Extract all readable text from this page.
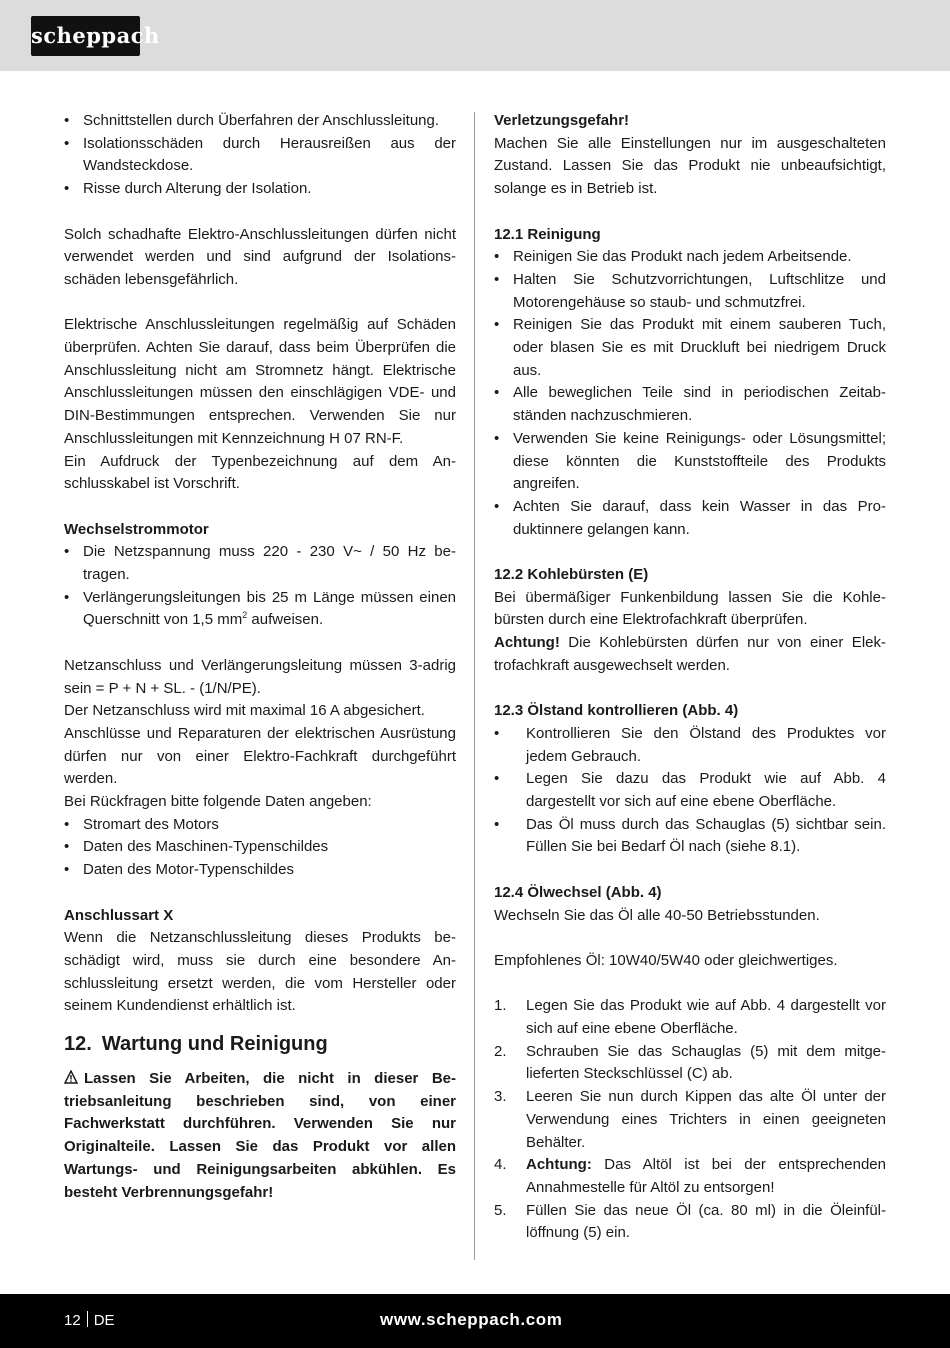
scheppach
• Schnittstellen durch Überfahren der Anschlussleitung.
• Isolationsschäden durch Herausreißen aus der Wandsteckdose.
• Risse durch Alterung der Isolation.

Solch schadhafte Elektro-Anschlussleitungen dürfen nicht verwendet werden und sind aufgrund der Isolationsschäden lebensgefährlich.

Elektrische Anschlussleitungen regelmäßig auf Schäden überprüfen. Achten Sie darauf, dass beim Überprüfen die Anschlussleitung nicht am Stromnetz hängt. Elektrische Anschlussleitungen müssen den einschlägigen VDE- und DIN-Bestimmungen entsprechen. Verwenden Sie nur Anschlussleitungen mit Kennzeichnung H 07 RN-F.

Ein Aufdruck der Typenbezeichnung auf dem Anschlusskabel ist Vorschrift.

Wechselstrommotor

• Die Netzspannung muss 220 - 230 V~ / 50 Hz betragen.
• Verlängerungsleitungen bis 25 m Länge müssen einen Querschnitt von 1,5 $mm^2$ aufweisen.

Netzanschluss und Verlängerungsleitung müssen 3-adrig sein = P + N + SL. - (1/N/PE).

Der Netzanschluss wird mit maximal 16 A abgesichert.

Anschlüsse und Reparaturen der elektrischen Ausrüstung dürfen nur von einer Elektro-Fachkraft durchgeführt werden.

Bei Rückfragen bitte folgende Daten angeben:

• Stromart des Motors
• Daten des Maschinen-Typenschildes
• Daten des Motor-Typenschildes

Anschlussart X

Wenn die Netzanschlussleitung dieses Produkts beschädigt wird, muss sie durch eine besondere Anschlussleitung ersetzt werden, die vom Hersteller oder seinem Kundendienst erhältlich ist.

12. Wartung und Reinigung

Lassen Sie Arbeiten, die nicht in dieser Betriebsanleitung beschrieben sind, von einer Fachwerkstatt durchführen. Verwenden Sie nur Originalteile. Lassen Sie das Produkt vor allen Wartungs- und Reinigungsarbeiten abkühlen. Es besteht Verbrennungsgefahr!

Verletzungsgefahr!

Machen Sie alle Einstellungen nur im ausgeschalteten Zustand. Lassen Sie das Produkt nie unbeaufsichtigt, solange es in Betrieb ist.

12.1 Reinigung

• Reinigen Sie das Produkt nach jedem Arbeitsende.
• Halten Sie Schutzvorrichtungen, Luftschlitze und Motorengehäuse so staub- und schmutzfrei.
• Reinigen Sie das Produkt mit einem sauberen Tuch, oder blasen Sie es mit Druckluft bei niedrigem Druck aus.
• Alle beweglichen Teile sind in periodischen Zeitabständen nachzuschmieren.
• Verwenden Sie keine Reinigungs- oder Lösungsmittel; diese könnten die Kunststoffteile des Produkts angreifen.
• Achten Sie darauf, dass kein Wasser in das Produktinnere gelangen kann.

12.2 Kohlebürsten (E)

Bei übermäßiger Funkenbildung lassen Sie die Kohlebürsten durch eine Elektrofachkraft überprüfen.

Achtung! Die Kohlebürsten dürfen nur von einer Elektrofachkraft ausgewechselt werden.

12.3 Ölstand kontrollieren (Abb. 4)

• Kontrollieren Sie den Ölstand des Produktes vor jedem Gebrauch.
• Legen Sie dazu das Produkt wie auf Abb. 4 dargestellt vor sich auf eine ebene Oberfläche.
• Das Öl muss durch das Schauglas (5) sichtbar sein. Füllen Sie bei Bedarf Öl nach (siehe 8.1).

12.4 Ölwechsel (Abb. 4)

Wechseln Sie das Öl alle 40-50 Betriebsstunden.

Empfohlenes Öl: 10W40/5W40 oder gleichwertiges.

1. Legen Sie das Produkt wie auf Abb. 4 dargestellt vor sich auf eine ebene Oberfläche.
2. Schrauben Sie das Schauglas (5) mit dem mitgelieferten Steckschlüssel (C) ab.
3. Leeren Sie nun durch Kippen das alte Öl unter der Verwendung eines Trichters in einen geeigneten Behälter.
4. Achtung: Das Altöl ist bei der entsprechenden Annahmestelle für Altöl zu entsorgen!
5. Füllen Sie das neue Öl (ca. 80 ml) in die Öleinfüllöffnung (5) ein.
12 DE	www.scheppach.com
